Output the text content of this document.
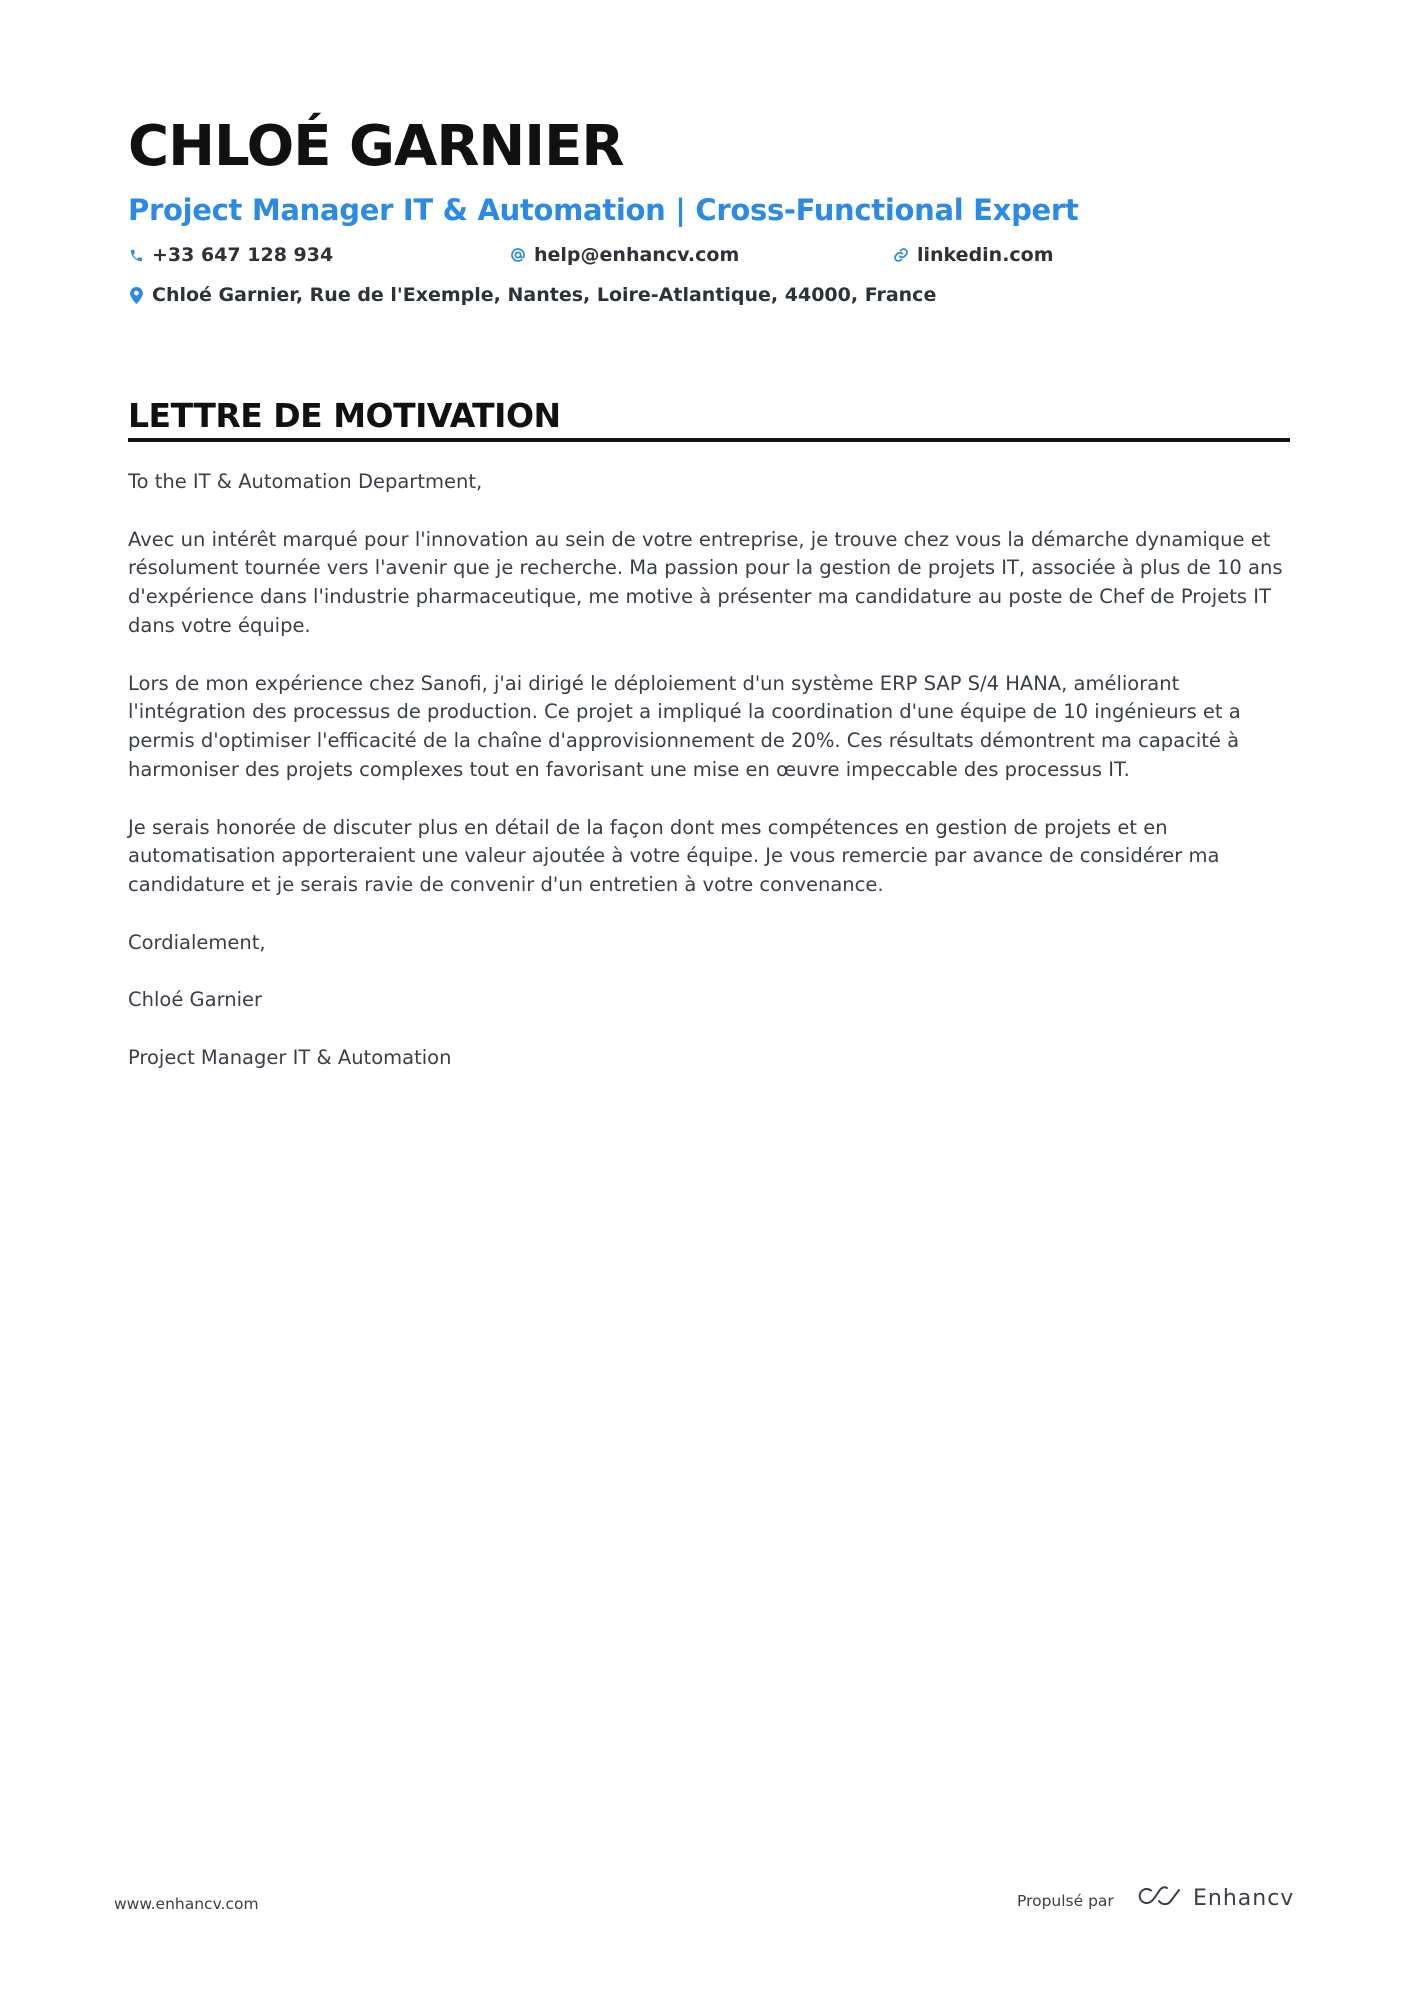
CHLOÉ GARNIER
Project Manager IT & Automation | Cross-Functional Expert
+33 647 128 934	help@enhancv.com	linkedin.com
Chloé Garnier, Rue de l'Exemple, Nantes, Loire-Atlantique, 44000, France
LETTRE DE MOTIVATION

To the IT & Automation Department,

Avec un intérêt marqué pour l'innovation au sein de votre entreprise, je trouve chez vous la démarche dynamique et résolument tournée vers l'avenir que je recherche. Ma passion pour la gestion de projets IT, associée à plus de 10 ans d'expérience dans l'industrie pharmaceutique, me motive à présenter ma candidature au poste de Chef de Projets IT dans votre équipe.

Lors de mon expérience chez Sanofi, j'ai dirigé le déploiement d'un système ERP SAP S/4 HANA, améliorant l'intégration des processus de production. Ce projet a impliqué la coordination d'une équipe de 10 ingénieurs et a permis d'optimiser l'efficacité de la chaîne d'approvisionnement de 20%. Ces résultats démontrent ma capacité à harmoniser des projets complexes tout en favorisant une mise en œuvre impeccable des processus IT.

Je serais honorée de discuter plus en détail de la façon dont mes compétences en gestion de projets et en automatisation apporteraient une valeur ajoutée à votre équipe. Je vous remercie par avance de considérer ma candidature et je serais ravie de convenir d'un entretien à votre convenance.

Cordialement,

Chloé Garnier

Project Manager IT & Automation

www.enhancv.com	Propulsé par	Enhancv
